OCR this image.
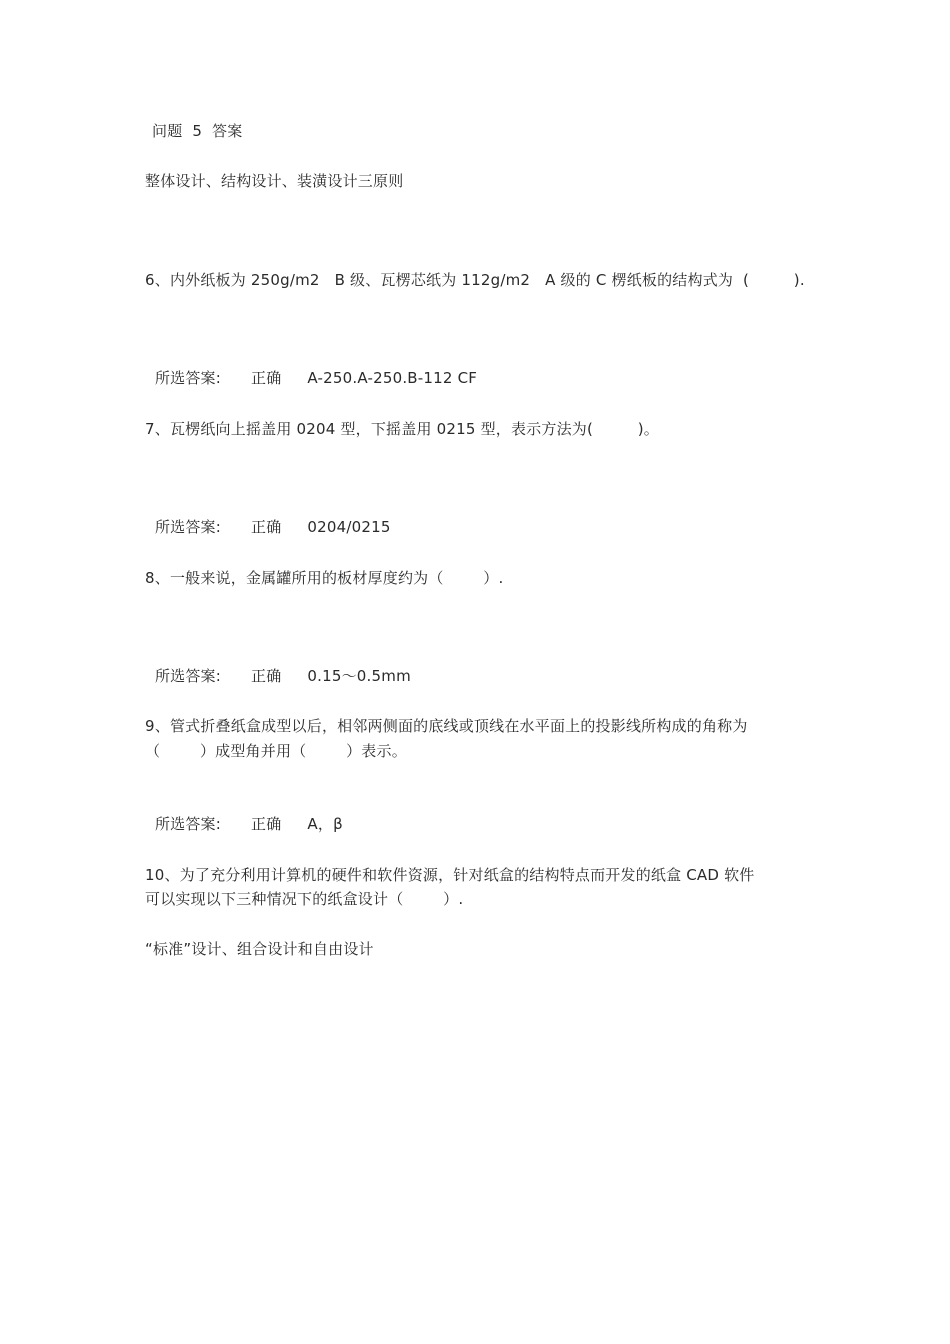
问题  5  答案
整体设计、结构设计、装潢设计三原则
6、内外纸板为 250g/m2   B 级、瓦楞芯纸为 112g/m2   A 级的 C 楞纸板的结构式为  (         ).

所选答案: 正确 A-250.A-250.B-112 CF

7、瓦楞纸向上摇盖用 0204 型，下摇盖用 0215 型，表示方法为(         )。

所选答案: 正确 0204/0215

8、一般来说，金属罐所用的板材厚度约为（        ）.

所选答案: 正确 0.15～0.5mm

9、管式折叠纸盒成型以后，相邻两侧面的底线或顶线在水平面上的投影线所构成的角称为
（        ）成型角并用（        ）表示。

所选答案: 正确 A，β

10、为了充分利用计算机的硬件和软件资源，针对纸盒的结构特点而开发的纸盒 CAD 软件
可以实现以下三种情况下的纸盒设计（        ）.
“标准”设计、组合设计和自由设计
